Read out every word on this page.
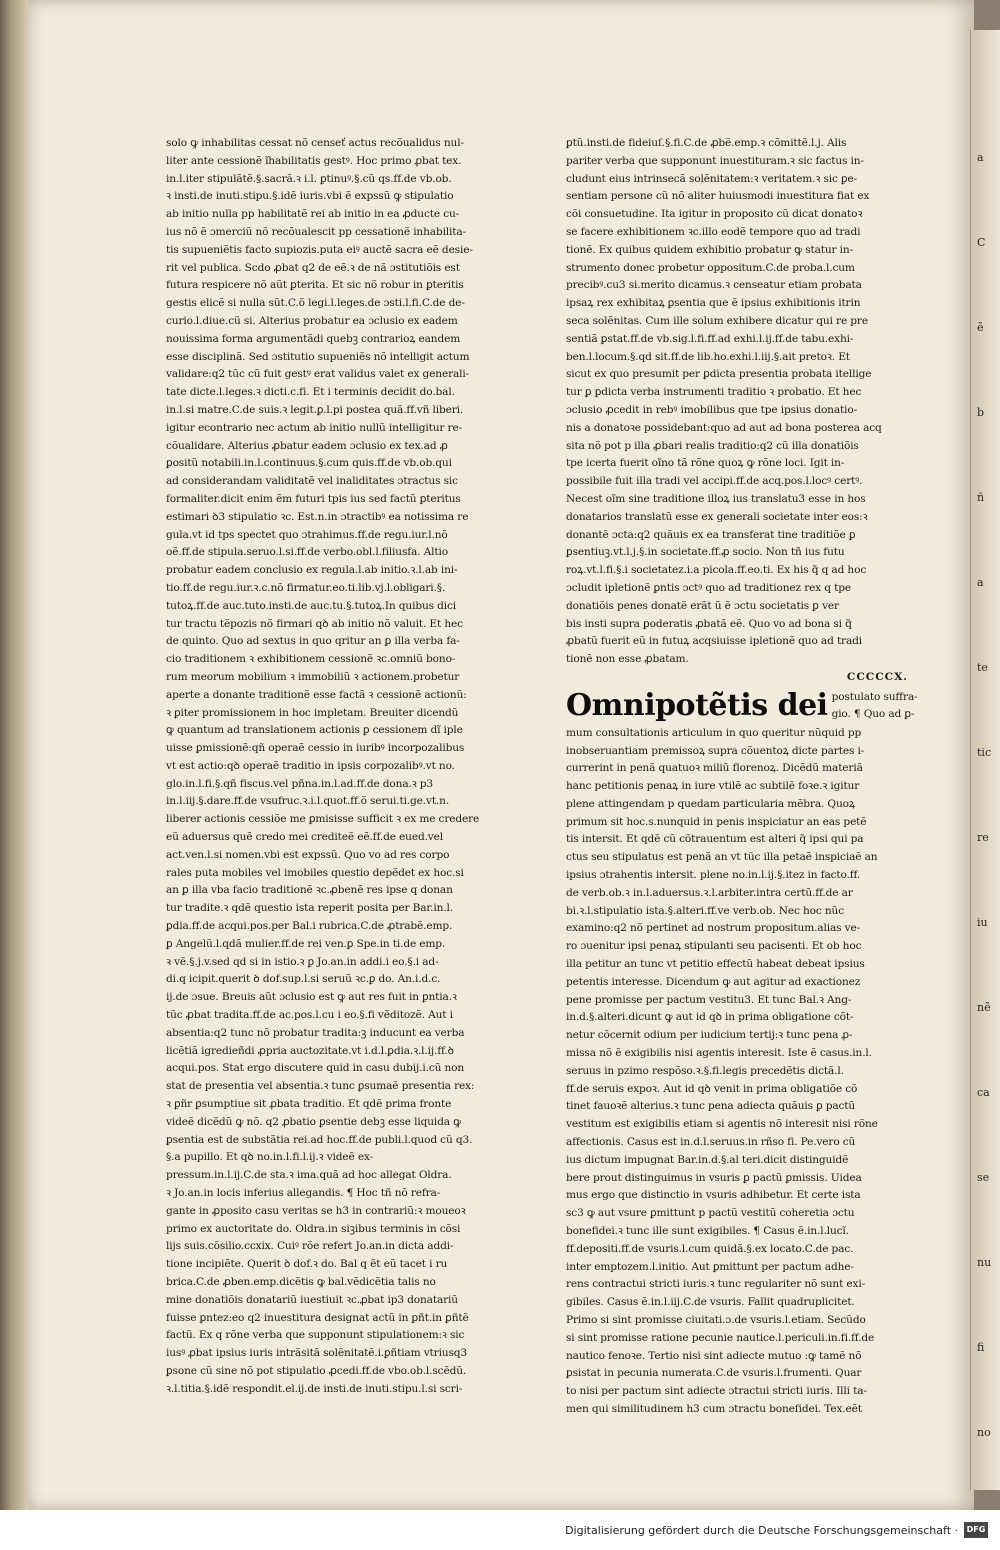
a
C
ẽ
b
ñ
a
te
tic
re
iu
nẽ
ca
se
nu
fi
no
solo ꝙ inhabilitas cessat nõ censeť actus recõualidus nul-
liter ante cessionẽ ĩhabilitatis gestꝰ. Hoc primo ꝓbat tex.
in.l.iter stipulãtẽ.§.sacrã.ꝛ i.l. ꝑtinuꝰ.§.cũ qs.ff.de vb.ob.
ꝛ insti.de inuti.stipu.§.idẽ iuris.vbi ẽ expssũ ꝙ stipulatio
ab initio nulla pp habilitatẽ rei ab initio in ea ꝓducte cu-
ius nõ ẽ ɔmerciũ nõ recõualescit pp cessationẽ inhabilita-
tis supueniẽtis facto supiozis.puta eiꝰ auctẽ sacra eẽ desie-
rit vel publica. Scdo ꝓbat q2 de eẽ.ꝛ de nã ɔstitutiõis est
futura respicere nõ aũt ꝑterita. Et sic nõ robur in ꝑteritis
gestis elicẽ si nulla sũt.C.õ legi.l.leges.de ɔsti.l.fi.C.de de-
curio.l.diue.cũ si. Alterius probatur ea ɔclusio ex eadem
nouissima forma argumentãdi quebꝫ contrarioꝝ eandem
esse disciplinã. Sed ɔstitutio supueniẽs nõ intelligit actum
validare:q2 tũc cũ fuit gestꝰ erat validus valet ex generali-
tate dicte.l.leges.ꝛ dicti.c.fi. Et i terminis decidit do.bal.
in.l.si matre.C.de suis.ꝛ legit.ꝑ.l.pi postea quã.ff.vñ liberi.
igitur econtrario nec actum ab initio nullũ intelligitur re-
cõualidare. Alterius ꝓbatur eadem ɔclusio ex tex.ad ꝓ
ꝑositũ notabili.in.l.continuus.§.cum quis.ff.de vb.ob.qui
ad considerandam validitatẽ vel inaliditates ɔtractus sic
formaliter.dicit enim ẽm futuri tpis ius sed factũ ꝑteritus
estimari ꝺ3 stipulatio ꝛc. Est.n.in ɔtractibꝰ ea notissima re
gula.vt id tps spectet quo ɔtrahimus.ff.de regu.iur.l.nõ
oẽ.ff.de stipula.seruo.l.si.ff.de verbo.obl.l.filiusfa. Altio
probatur eadem conclusio ex regula.l.ab initio.ꝛ.l.ab ini-
tio.ff.de regu.iur.ꝛ.c.nõ firmatur.eo.ti.lib.vj.l.obligari.§.
tutoꝝ.ff.de auc.tuto.insti.de auc.tu.§.tutoꝝ.In quibus dici
tur tractu tẽpozis nõ firmari qꝺ ab initio nõ valuit. Et hec
de quinto. Quo ad sextus in quo qritur an ꝑ illa verba fa-
cio traditionem ꝛ exhibitionem cessionẽ ꝛc.omniũ bono-
rum meorum mobilium ꝛ immobiliũ ꝛ actionem.probetur
aperte a donante traditionẽ esse factã ꝛ cessionẽ actionũ:
ꝛ ꝑiter promissionem in hoc impletam. Breuiter dicendũ
ꝙ quantum ad translationem actionis ꝑ cessionem dĩ iple
uisse ꝑmissionẽ:qñ operaẽ cessio in iuribꝰ incorpozalibus
vt est actio:qꝺ operaẽ traditio in ipsis corpozalibꝰ.vt no.
glo.in.l.fi.§.qñ fiscus.vel pñna.in.l.ad.ff.de dona.ꝛ p3
in.l.iij.§.dare.ff.de vsufruc.ꝛ.i.l.quot.ff.õ serui.ti.ge.vt.n.
liberer actionis cessiõe me ꝑmisisse sufficit ꝛ ex me credere
eũ aduersus quẽ credo mei crediteẽ eẽ.ff.de eued.vel
act.ven.l.si nomen.vbi est expssũ. Quo vo ad res corpo
rales puta mobiles vel imobiles questio depẽdet ex hoc.si
an ꝑ illa vba facio traditionẽ ꝛc.ꝓbenẽ res ipse q donan
tur tradite.ꝛ qdẽ questio ista reperit posita per Bar.in.l.
ꝑdia.ff.de acqui.pos.per Bal.i rubrica.C.de ꝓtrabẽ.emp.
ꝑ Angelũ.l.qdã mulier.ff.de rei ven.ꝑ Spe.in ti.de emp.
ꝛ vẽ.§.j.v.sed qd si in istio.ꝛ ꝑ Jo.an.in addi.i eo.§.i ad-
di.q icipit.querit ꝺ dof.sup.l.si seruũ ꝛc.ꝑ do. An.i.d.c.
ij.de ɔsue. Breuis aũt ɔclusio est ꝙ aut res fuit in ꝑntia.ꝛ
tũc ꝓbat tradita.ff.de ac.pos.l.cu i eo.§.fi vẽditozẽ. Aut i
absentia:q2 tunc nõ probatur tradita:ꝫ inducunt ea verba
licẽtiã igredieñdi ꝓpria auctozitate.vt i.d.l.ꝑdia.ꝛ.l.ij.ff.ꝺ
acqui.pos. Stat ergo discutere quid in casu dubij.i.cũ non
stat de presentia vel absentia.ꝛ tunc ꝑsumaẽ presentia rex:
ꝛ ꝑñr ꝑsumptiue sit ꝓbata traditio. Et qdẽ prima fronte
videẽ dicẽdũ ꝙ nõ. q2 ꝓbatio ꝑsentie debꝫ esse liquida ꝙ
ꝑsentia est de substãtia rei.ad hoc.ff.de publi.l.quod cũ q3.
§.a pupillo. Et qꝺ no.in.l.fi.l.ij.ꝛ videẽ ex-
pressum.in.l.ij.C.de sta.ꝛ ima.quã ad hoc allegat Oldra.
ꝛ Jo.an.in locis inferius allegandis. ¶ Hoc tñ nõ refra-
gante in ꝓposito casu veritas se h3 in contrariũ:ꝛ moueoꝛ
primo ex auctoritate do. Oldra.in siꝫibus terminis in cõsi
lijs suis.cõsilio.ccxix. Cuiꝰ rõe refert Jo.an.in dicta addi-
tione incipiẽte. Querit ꝺ dof.ꝛ do. Bal q ẽt eũ tacet i ru
brica.C.de ꝓben.emp.dicẽtis ꝙ bal.vẽdicẽtia talis no
mine donatiõis donatariũ iuestiuit ꝛc.ꝓbat ip3 donatariũ
fuisse ꝑntez:eo q2 inuestitura designat actũ in ꝑñt.in ꝑñtẽ
factũ. Ex q rõne verba que supponunt stipulationem:ꝛ sic
iusꝰ ꝓbat ipsius iuris intrãsitã solẽnitatẽ.i.ꝑñtiam vtriusq3
ꝑsone cũ sine nõ pot stipulatio ꝓcedi.ff.de vbo.ob.l.scẽdũ.
ꝛ.l.titia.§.idẽ respondit.el.ij.de insti.de inuti.stipu.l.si scri-
ꝑtũ.insti.de fideiuſ.§.fi.C.de ꝓbẽ.emp.ꝛ cõmittẽ.l.j. Alis
pariter verba que supponunt inuestituram.ꝛ sic factus in-
cludunt eius intrinsecã solẽnitatem:ꝛ veritatem.ꝛ sic ꝑe-
sentiam persone cũ nõ aliter huiusmodi inuestitura fiat ex
cõi consuetudine. Ita igitur in proposito cũ dicat donatoꝛ
se facere exhibitionem ꝛc.illo eodẽ tempore quo ad tradi
tionẽ. Ex quibus quidem exhibitio probatur ꝙ statur in-
strumento donec probetur oppositum.C.de proba.l.cum
precibꝰ.cu3 si.merito dicamus.ꝛ censeatur etiam probata
ipsaꝝ rex exhibitaꝝ ꝑsentia que ẽ ipsius exhibitionis itrin
seca solẽnitas. Cum ille solum exhibere dicatur qui re pre
sentiã ꝑstat.ff.de vb.sig.l.fi.ff.ad exhi.l.ij.ff.de tabu.exhi-
ben.l.locum.§.qd sit.ff.de lib.ho.exhi.l.iij.§.ait pretoꝛ. Et
sicut ex quo presumit per ꝑdicta presentia probata itellige
tur ꝑ ꝑdicta verba instrumenti traditio ꝛ probatio. Et hec
ɔclusio ꝓcedit in rebꝰ imobilibus que tpe ipsius donatio-
nis a donatoꝛe possidebant:quo ad aut ad bona posterea acq
sita nõ pot p illa ꝓbari realis traditio:q2 cũ illa donatiõis
tpe icerta fuerit oĩno tã rõne quoꝝ ꝙ rõne loci. Igit in-
possibile fuit illa tradi vel accipi.ff.de acq.pos.l.locꝰ certꝰ.
Necest oĩm sine traditione illoꝝ ius translatu3 esse in hos
donatarios translatũ esse ex generali societate inter eos:ꝛ
donantẽ ɔcta:q2 quãuis ex ea transferat tine traditiõe ꝑ
ꝑsentiuꝫ.vt.l.j.§.in societate.ff.ꝓ socio. Non tñ ius futu
roꝝ.vt.l.fi.§.i societatez.i.a picola.ff.eo.ti. Ex his q̃ q ad hoc
ɔcludit ipletionẽ ꝑntis ɔctꝰ quo ad traditionez rex q tpe
donatiõis penes donatẽ erãt ũ ẽ ɔctu societatis ꝑ ver
bis insti supra ꝑoderatis ꝓbatã eẽ. Quo vo ad bona si q̃
ꝓbatũ fuerit eũ in futuꝝ acqsiuisse ipletionẽ quo ad tradi
tionẽ non esse ꝓbatam.
CCCCCX.
Omnipotẽtis dei postulato suffra-
gio. ¶ Quo ad ꝑ-
mum consultationis articulum in quo queritur nũquid pp
inobseruantiam premissoꝝ supra cõuentoꝝ dicte partes i-
currerint in penã quatuoꝛ miliũ florenoꝝ. Dicẽdũ materiã
hanc petitionis penaꝝ in iure vtilẽ ac subtilẽ foꝛe.ꝛ igitur
plene attingendam p quedam particularia mẽbra. Quoꝝ
primum sit hoc.s.nunquid in penis inspiciatur an eas petẽ
tis intersit. Et qdẽ cũ cõtrauentum est alteri q̃ ipsi qui pa
ctus seu stipulatus est penã an vt tũc illa petaẽ inspiciaẽ an
ipsius ɔtrahentis intersit. plene no.in.l.ij.§.itez in facto.ff.
de verb.ob.ꝛ in.l.aduersus.ꝛ.l.arbiter.intra certũ.ff.de ar
bi.ꝛ.l.stipulatio ista.§.alteri.ff.ve verb.ob. Nec hoc nũc
examino:q2 nõ pertinet ad nostrum propositum.alias ve-
ro ɔuenitur ipsi penaꝝ stipulanti seu pacisenti. Et ob hoc
illa petitur an tunc vt petitio effectũ habeat debeat ipsius
petentis interesse. Dicendum ꝙ aut agitur ad exactionez
pene promisse per pactum vestitu3. Et tunc Bal.ꝛ Ang-
in.d.§.alteri.dicunt ꝙ aut id qꝺ in prima obligatione cõt-
netur cõcernit odium per iudicium tertij:ꝛ tunc pena ꝓ-
missa nõ ẽ exigibilis nisi agentis interesit. Iste ẽ casus.in.l.
seruus in pzimo respõso.ꝛ.§.fi.legis precedẽtis dictã.l.
ff.de seruis expoꝛ. Aut id qꝺ venit in prima obligatiõe cõ
tinet fauoꝛẽ alterius.ꝛ tunc pena adiecta quãuis ꝑ pactũ
vestitum est exigibilis etiam si agentis nõ interesit nisi rõne
affectionis. Casus est in.d.l.seruus.in rñso fi. Pe.vero cũ
ius dictum impugnat Bar.in.d.§.al teri.dicit distinguidẽ
bere prout distinguimus in vsuris ꝑ pactũ ꝑmissis. Uidea
mus ergo que distinctio in vsuris adhibetur. Et certe ista
sc3 ꝙ aut vsure ꝑmittunt p pactũ vestitũ coheretia ɔctu
bonefidei.ꝛ tunc ille sunt exigibiles. ¶ Casus ẽ.in.l.lucĩ.
ff.depositi.ff.de vsuris.l.cum quidã.§.ex locato.C.de pac.
inter emptozem.l.initio. Aut ꝑmittunt per pactum adhe-
rens contractui stricti iuris.ꝛ tunc regulariter nõ sunt exi-
gibiles. Casus ẽ.in.l.iij.C.de vsuris. Fallit quadruplicitet.
Primo si sint promisse ciuitati.ɔ.de vsuris.l.etiam. Secũdo
si sint promisse ratione pecunie nautice.l.periculi.in.fi.ff.de
nautico fenoꝛe. Tertio nisi sint adiecte mutuo :ꝙ tamẽ nõ
ꝑsistat in pecunia numerata.C.de vsuris.l.frumenti. Quar
to nisi per pactum sint adiecte ɔtractui stricti iuris. Illi ta-
men qui similitudinem h3 cum ɔtractu bonefidei. Tex.eẽt
Digitalisierung gefördert durch die Deutsche Forschungsgemeinschaft ·	DFG
